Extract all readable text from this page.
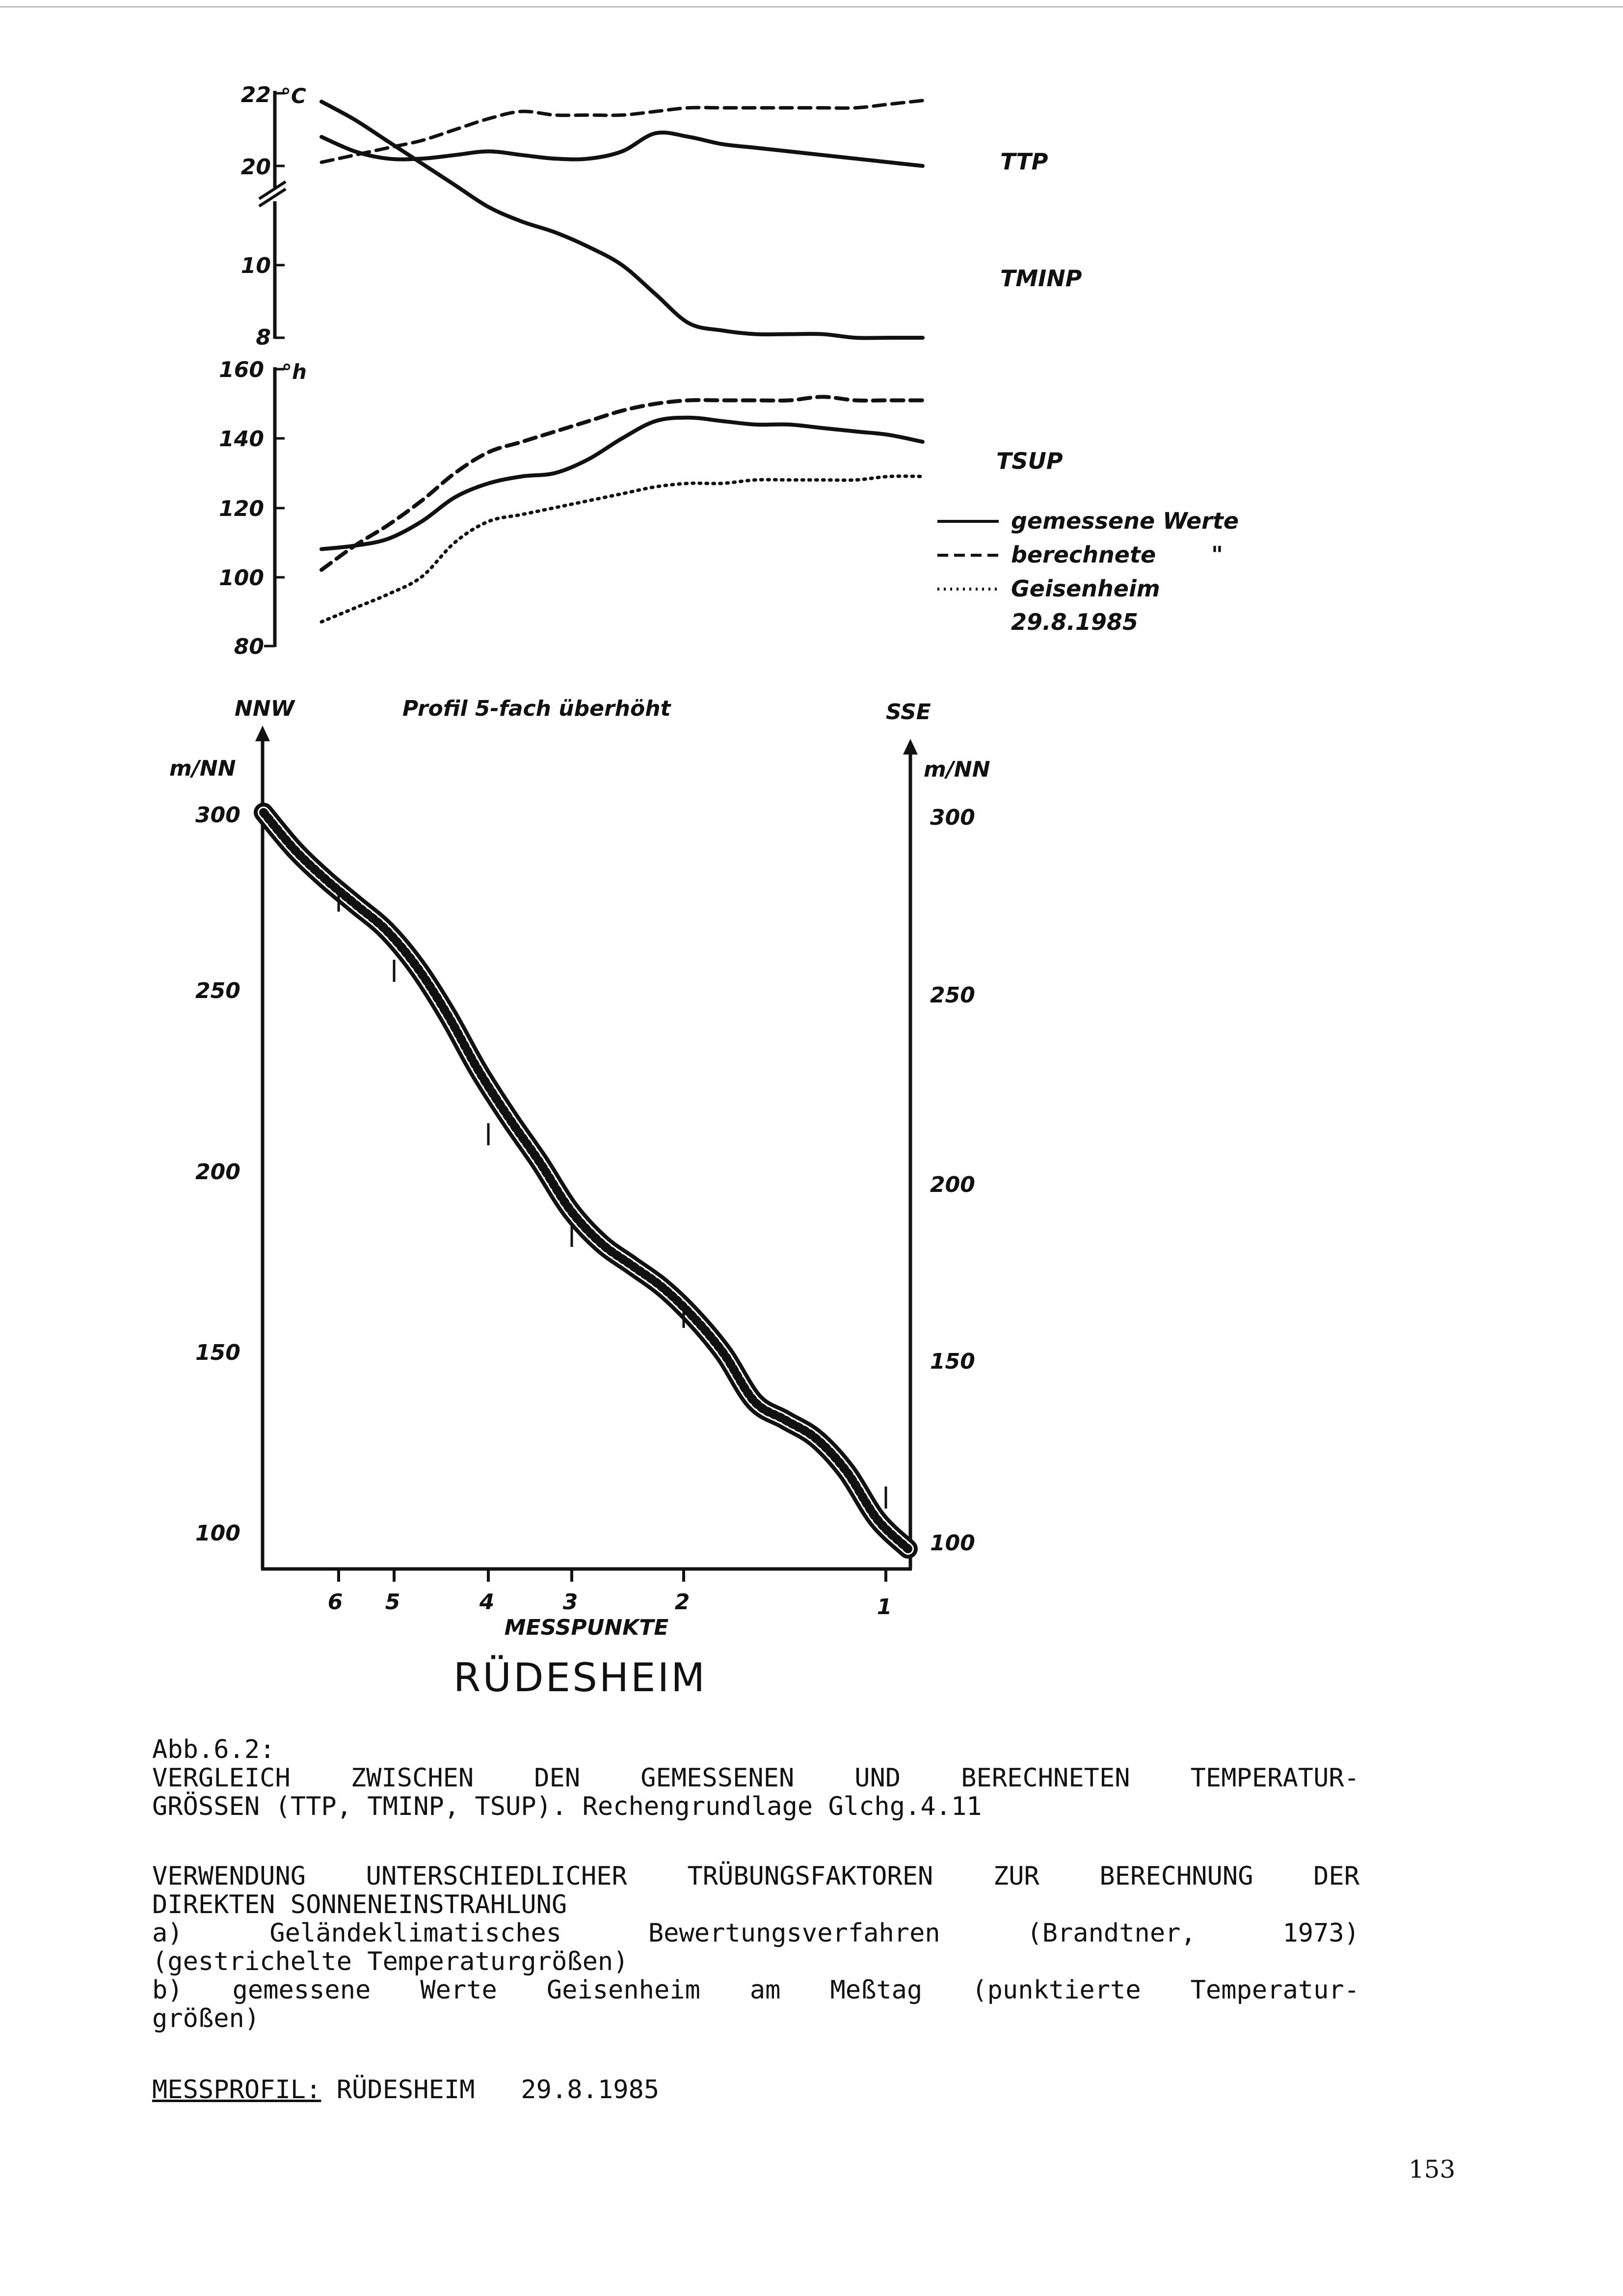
22
20
10
8
°C
TTP
TMINP
160
140
120
100
80
°h
TSUP
gemessene Werte
berechnete "
Geisenheim
29.8.1985
NNW	Profil 5-fach überhöht	SSE
m/NN	m/NN
300
250
200
150
100
300
250
200
150
100
6 5	4	3	2	1
MESSPUNKTE
RÜDESHEIM
Abb.6.2:
VERGLEICH ZWISCHEN DEN GEMESSENEN UND BERECHNETEN TEMPERATUR-
GRÖSSEN (TTP, TMINP, TSUP). Rechengrundlage Glchg.4.11
VERWENDUNG UNTERSCHIEDLICHER TRÜBUNGSFAKTOREN ZUR BERECHNUNG DER
DIREKTEN SONNENEINSTRAHLUNG
a) Geländeklimatisches Bewertungsverfahren (Brandtner, 1973)
(gestrichelte Temperaturgrößen)
b) gemessene Werte Geisenheim am Meßtag (punktierte Temperatur-
größen)
MESSPROFIL: RÜDESHEIM   29.8.1985
153
